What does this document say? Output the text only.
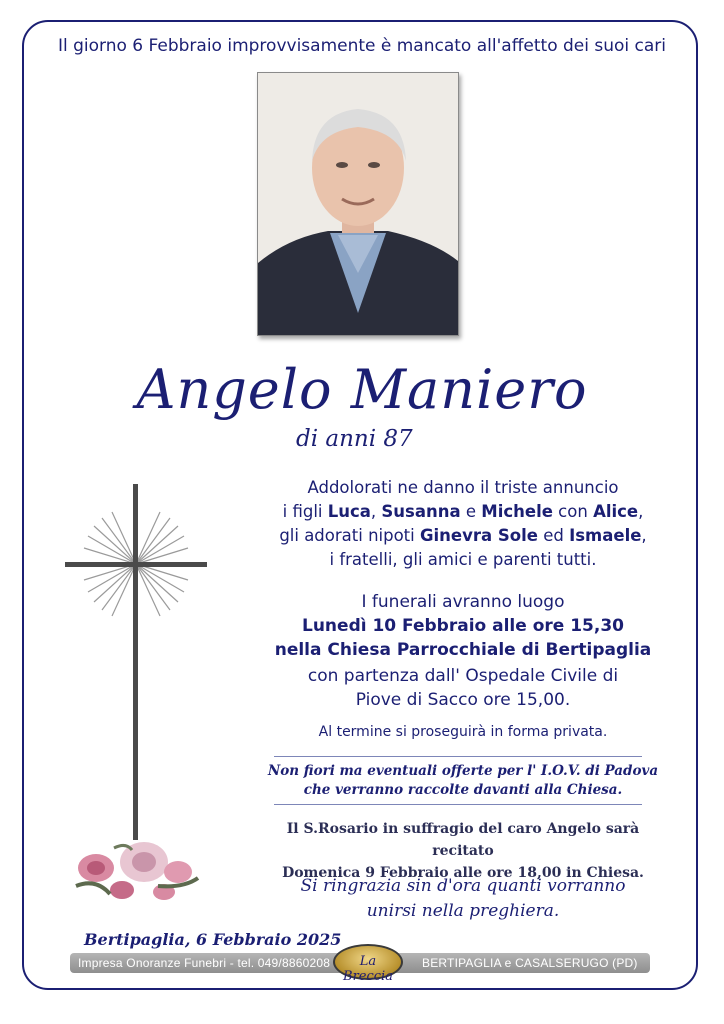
Il giorno 6 Febbraio improvvisamente è mancato all'affetto dei suoi cari
Angelo Maniero
di anni 87
Addolorati ne danno il triste annuncio
i figli Luca, Susanna e Michele con Alice,
gli adorati nipoti Ginevra Sole ed Ismaele,
i fratelli, gli amici e parenti tutti.
I funerali avranno luogo
Lunedì 10 Febbraio alle ore 15,30
nella Chiesa Parrocchiale di Bertipaglia
con partenza dall' Ospedale Civile di
Piove di Sacco ore 15,00.
Al termine si proseguirà in forma privata.
Non fiori ma eventuali offerte per l' I.O.V. di Padova
che verranno raccolte davanti alla Chiesa.
Il S.Rosario in suffragio del caro Angelo sarà recitato
Domenica 9 Febbraio alle ore 18,00 in Chiesa.
Si ringrazia sin d'ora quanti vorranno
unirsi nella preghiera.
Bertipaglia, 6 Febbraio 2025
Impresa Onoranze Funebri - tel. 049/8860208	La Breccia
BERTIPAGLIA e CASALSERUGO (PD)
